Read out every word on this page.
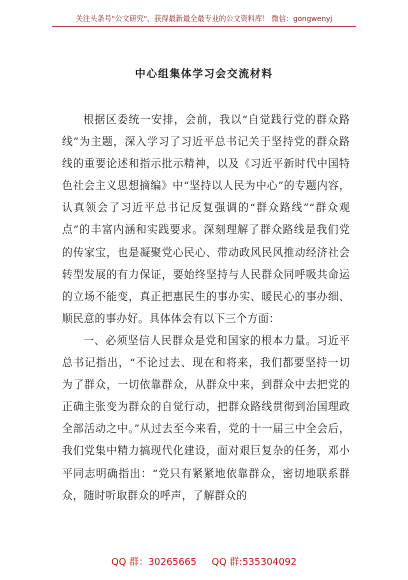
关注头条号"公文研究"，获得最新最全最专业的公文资料库！ 微信：gongwenyj
中心组集体学习会交流材料

根据区委统一安排，会前，我以“自觉践行党的群众路线”为主题，深入学习了习近平总书记关于坚持党的群众路线的重要论述和指示批示精神，以及《习近平新时代中国特色社会主义思想摘编》中“坚持以人民为中心”的专题内容，认真领会了习近平总书记反复强调的“群众路线”“群众观点”的丰富内涵和实践要求。深刻理解了群众路线是我们党的传家宝，也是凝聚党心民心、带动政风民风推动经济社会转型发展的有力保证，要始终坚持与人民群众同呼吸共命运的立场不能变，真正把惠民生的事办实、暖民心的事办细、顺民意的事办好。具体体会有以下三个方面：

一、必须坚信人民群众是党和国家的根本力量。习近平总书记指出，“不论过去、现在和将来，我们都要坚持一切为了群众，一切依靠群众，从群众中来，到群众中去把党的正确主张变为群众的自觉行动，把群众路线贯彻到治国理政全部活动之中。”从过去至今来看，党的十一届三中全会后，我们党集中精力搞现代化建设，面对艰巨复杂的任务，邓小平同志明确指出：“党只有紧紧地依靠群众，密切地联系群众，随时听取群众的呼声，了解群众的

QQ 群：30265665 QQ 群:535304092
